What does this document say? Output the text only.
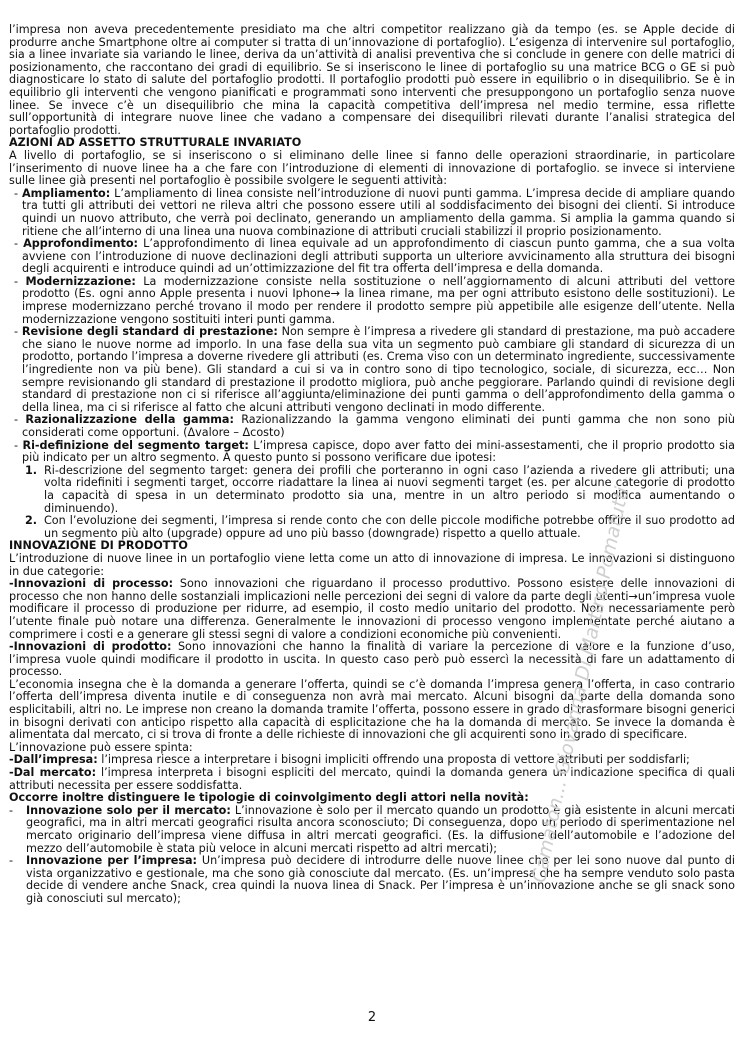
l’impresa non aveva precedentemente presidiato ma che altri competitor realizzano già da tempo (es. se Apple decide di produrre anche Smartphone oltre ai computer si tratta di un’innovazione di portafoglio). L’esigenza di intervenire sul portafoglio, sia a linee invariate sia variando le linee, deriva da un’attività di analisi preventiva che si conclude in genere con delle matrici di posizionamento, che raccontano dei gradi di equilibrio. Se si inseriscono le linee di portafoglio su una matrice BCG o GE si può diagnosticare lo stato di salute del portafoglio prodotti. Il portafoglio prodotti può essere in equilibrio o in disequilibrio. Se è in equilibrio gli interventi che vengono pianificati e programmati sono interventi che presuppongono un portafoglio senza nuove linee. Se invece c’è un disequilibrio che mina la capacità competitiva dell’impresa nel medio termine, essa riflette sull’opportunità di integrare nuove linee che vadano a compensare dei disequilibri rilevati durante l’analisi strategica del portafoglio prodotti.

AZIONI AD ASSETTO STRUTTURALE INVARIATO

A livello di portafoglio, se si inseriscono o si eliminano delle linee si fanno delle operazioni straordinarie, in particolare l’inserimento di nuove linee ha a che fare con l’introduzione di elementi di innovazione di portafoglio. se invece si interviene sulle linee già presenti nel portafoglio è possibile svolgere le seguenti attività:

- Ampliamento: L’ampliamento di linea consiste nell’introduzione di nuovi punti gamma. L’impresa decide di ampliare quando tra tutti gli attributi dei vettori ne rileva altri che possono essere utili al soddisfacimento dei bisogni dei clienti. Si introduce quindi un nuovo attributo, che verrà poi declinato, generando un ampliamento della gamma. Si amplia la gamma quando si ritiene che all’interno di una linea una nuova combinazione di attributi cruciali stabilizzi il proprio posizionamento.

- Approfondimento: L’approfondimento di linea equivale ad un approfondimento di ciascun punto gamma, che a sua volta avviene con l’introduzione di nuove declinazioni degli attributi supporta un ulteriore avvicinamento alla struttura dei bisogni degli acquirenti e introduce quindi ad un’ottimizzazione del fit tra offerta dell’impresa e della domanda.

- Modernizzazione: La modernizzazione consiste nella sostituzione o nell’aggiornamento di alcuni attributi del vettore prodotto (Es. ogni anno Apple presenta i nuovi Iphone→ la linea rimane, ma per ogni attributo esistono delle sostituzioni). Le imprese modernizzano perché trovano il modo per rendere il prodotto sempre più appetibile alle esigenze dell’utente. Nella modernizzazione vengono sostituiti interi punti gamma.

- Revisione degli standard di prestazione: Non sempre è l’impresa a rivedere gli standard di prestazione, ma può accadere che siano le nuove norme ad imporlo. In una fase della sua vita un segmento può cambiare gli standard di sicurezza di un prodotto, portando l’impresa a doverne rivedere gli attributi (es. Crema viso con un determinato ingrediente, successivamente l’ingrediente non va più bene). Gli standard a cui si va in contro sono di tipo tecnologico, sociale, di sicurezza, ecc… Non sempre revisionando gli standard di prestazione il prodotto migliora, può anche peggiorare. Parlando quindi di revisione degli standard di prestazione non ci si riferisce all’aggiunta/eliminazione dei punti gamma o dell’approfondimento della gamma o della linea, ma ci si riferisce al fatto che alcuni attributi vengono declinati in modo differente.

- Razionalizzazione della gamma: Razionalizzando la gamma vengono eliminati dei punti gamma che non sono più considerati come opportuni. (Δvalore – Δcosto)

- Ri-definizione del segmento target: L’impresa capisce, dopo aver fatto dei mini-assestamenti, che il proprio prodotto sia più indicato per un altro segmento. A questo punto si possono verificare due ipotesi:

1. Ri-descrizione del segmento target: genera dei profili che porteranno in ogni caso l’azienda a rivedere gli attributi; una volta ridefiniti i segmenti target, occorre riadattare la linea ai nuovi segmenti target (es. per alcune categorie di prodotto la capacità di spesa in un determinato prodotto sia una, mentre in un altro periodo si modifica aumentando o diminuendo).

2. Con l’evoluzione dei segmenti, l’impresa si rende conto che con delle piccole modifiche potrebbe offrire il suo prodotto ad un segmento più alto (upgrade) oppure ad uno più basso (downgrade) rispetto a quello attuale.

INNOVAZIONE DI PRODOTTO

L’introduzione di nuove linee in un portafoglio viene letta come un atto di innovazione di impresa. Le innovazioni si distinguono in due categorie:

-Innovazioni di processo: Sono innovazioni che riguardano il processo produttivo. Possono esistere delle innovazioni di processo che non hanno delle sostanziali implicazioni nelle percezioni dei segni di valore da parte degli utenti→un’impresa vuole modificare il processo di produzione per ridurre, ad esempio, il costo medio unitario del prodotto. Non necessariamente però l’utente finale può notare una differenza. Generalmente le innovazioni di processo vengono implementate perché aiutano a comprimere i costi e a generare gli stessi segni di valore a condizioni economiche più convenienti.

-Innovazioni di prodotto: Sono innovazioni che hanno la finalità di variare la percezione di valore e la funzione d’uso, l’impresa vuole quindi modificare il prodotto in uscita. In questo caso però può essercì la necessità di fare un adattamento di processo.

L’economia insegna che è la domanda a generare l’offerta, quindi se c’è domanda l’impresa genera l’offerta, in caso contrario l’offerta dell’impresa diventa inutile e di conseguenza non avrà mai mercato. Alcuni bisogni da parte della domanda sono esplicitabili, altri no. Le imprese non creano la domanda tramite l’offerta, possono essere in grado di trasformare bisogni generici in bisogni derivati con anticipo rispetto alla capacità di esplicitazione che ha la domanda di mercato. Se invece la domanda è alimentata dal mercato, ci si trova di fronte a delle richieste di innovazioni che gli acquirenti sono in grado di specificare.

L’innovazione può essere spinta:

-Dall’impresa: l’impresa riesce a interpretare i bisogni impliciti offrendo una proposta di vettore attributi per soddisfarli;

-Dal mercato: l’impresa interpreta i bisogni espliciti del mercato, quindi la domanda genera un’indicazione specifica di quali attributi necessita per essere soddisfatta.

Occorre inoltre distinguere le tipologie di coinvolgimento degli attori nella novità:

- Innovazione solo per il mercato: L’innovazione è solo per il mercato quando un prodotto è già esistente in alcuni mercati geografici, ma in altri mercati geografici risulta ancora sconosciuto; Di conseguenza, dopo un periodo di sperimentazione nel mercato originario dell’impresa viene diffusa in altri mercati geografici. (Es. la diffusione dell’automobile e l’adozione del mezzo dell’automobile è stata più veloce in alcuni mercati rispetto ad altri mercati);

- Innovazione per l’impresa: Un’impresa può decidere di introdurre delle nuove linee che per lei sono nuove dal punto di vista organizzativo e gestionale, ma che sono già conosciute dal mercato. (Es. un’impresa che ha sempre venduto solo pasta decide di vendere anche Snack, crea quindi la nuova linea di Snack. Per l’impresa è un’innovazione anche se gli snack sono già conosciuti sul mercato);

Camaton... Giovanna Di Martino Pomatutti
2
